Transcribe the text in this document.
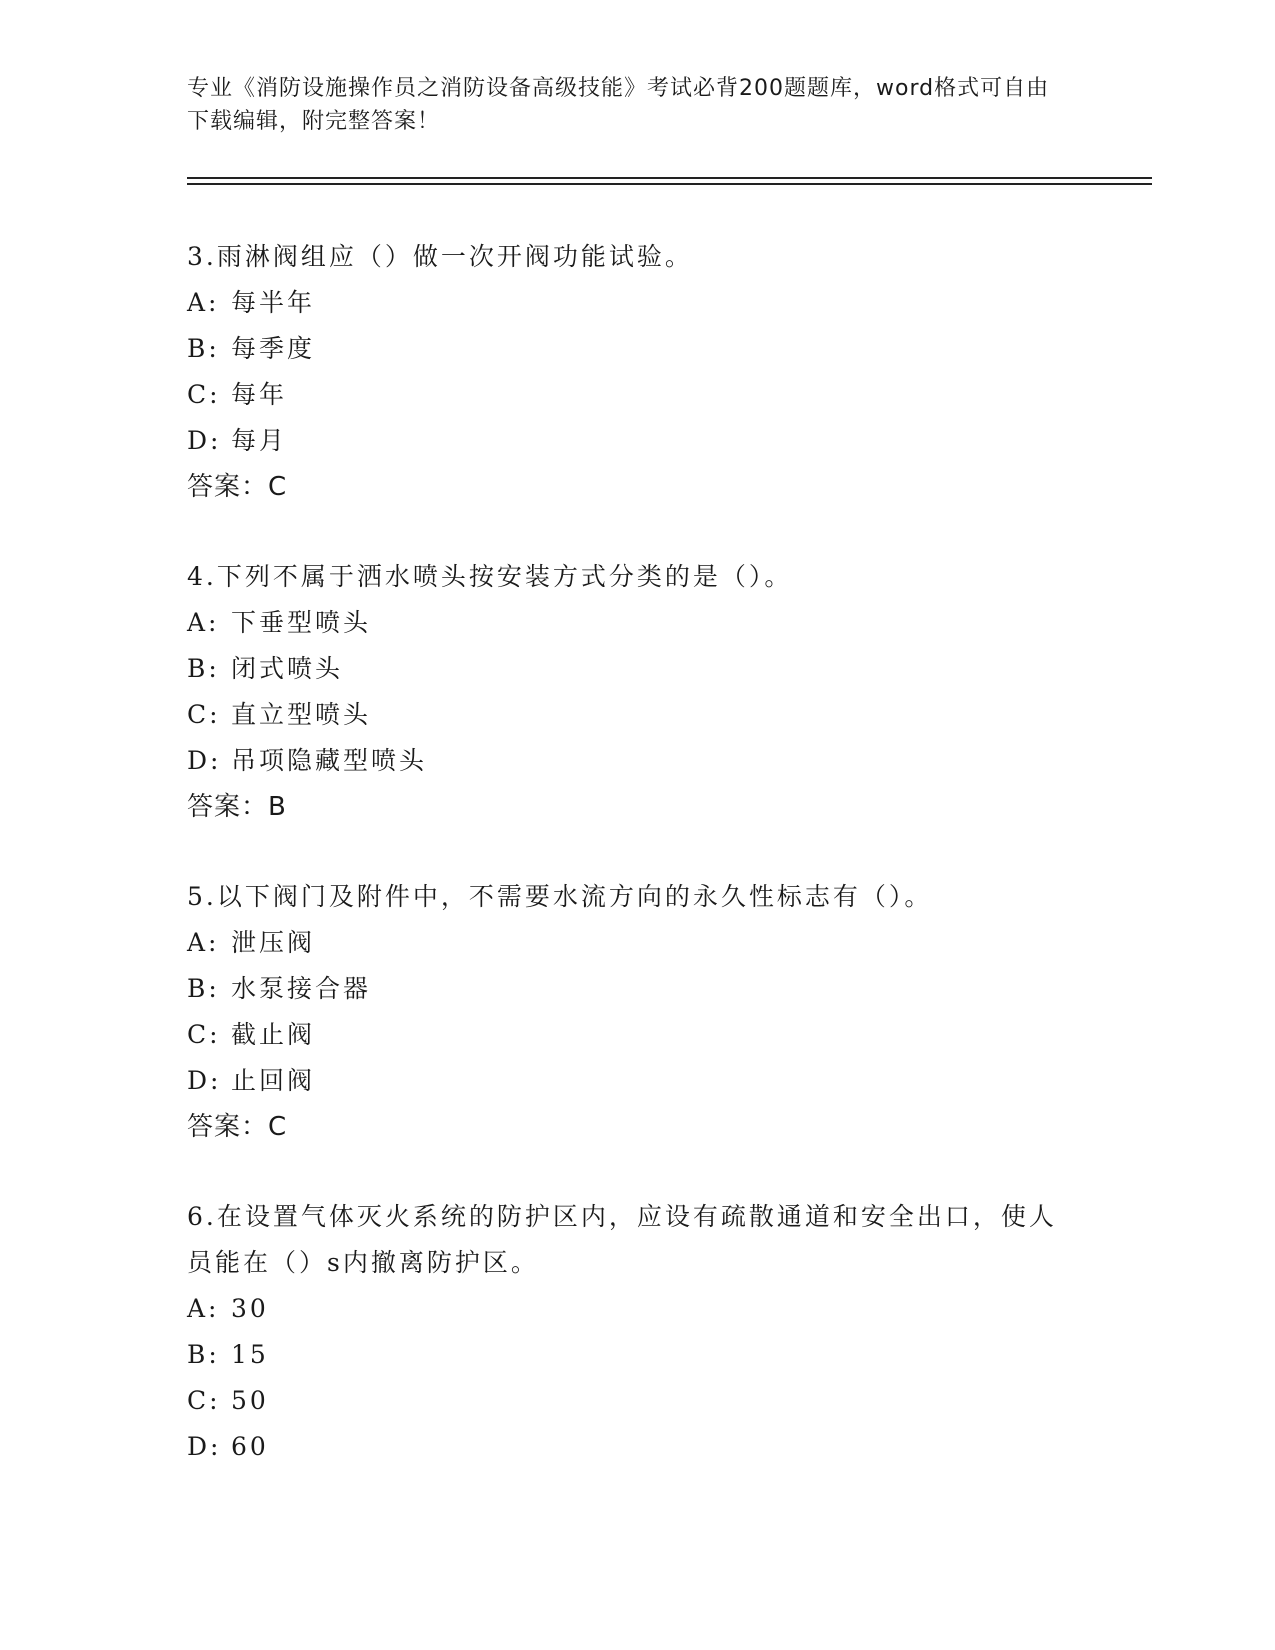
专业《消防设施操作员之消防设备高级技能》考试必背200题题库，word格式可自由下载编辑，附完整答案！
3.雨淋阀组应（）做一次开阀功能试验。
A: 每半年
B: 每季度
C: 每年
D: 每月
答案：C
4.下列不属于洒水喷头按安装方式分类的是（）。
A: 下垂型喷头
B: 闭式喷头
C: 直立型喷头
D: 吊项隐藏型喷头
答案：B
5.以下阀门及附件中，不需要水流方向的永久性标志有（）。
A: 泄压阀
B: 水泵接合器
C: 截止阀
D: 止回阀
答案：C
6.在设置气体灭火系统的防护区内，应设有疏散通道和安全出口，使人员能在（）s内撤离防护区。
A: 30
B: 15
C: 50
D: 60
